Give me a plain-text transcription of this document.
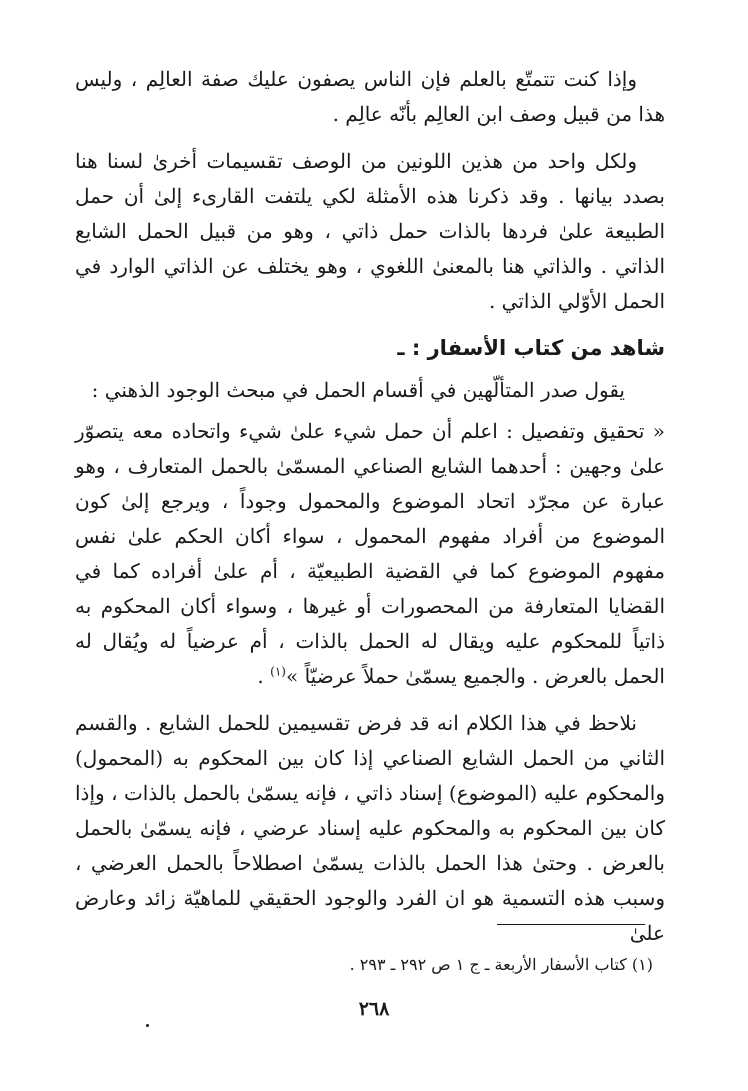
وإذا كنت تتمتّع بالعلم فإن الناس يصفون عليك صفة العالِم ، وليس هذا من قبيل وصف ابن العالِم بأنّه عالِم .

ولكل واحد من هذين اللونين من الوصف تقسيمات أخرىٰ لسنا هنا بصدد بيانها . وقد ذكرنا هذه الأمثلة لكي يلتفت القارىء إلىٰ أن حمل الطبيعة علىٰ فردها بالذات حمل ذاتي ، وهو من قبيل الحمل الشايع الذاتي . والذاتي هنا بالمعنىٰ اللغوي ، وهو يختلف عن الذاتي الوارد في الحمل الأوّلي الذاتي .

شاهد من كتاب الأسفار : ـ

يقول صدر المتألّهين في أقسام الحمل في مبحث الوجود الذهني :

« تحقيق وتفصيل : اعلم أن حمل شيء علىٰ شيء واتحاده معه يتصوّر علىٰ وجهين : أحدهما الشايع الصناعي المسمّىٰ بالحمل المتعارف ، وهو عبارة عن مجرّد اتحاد الموضوع والمحمول وجوداً ، ويرجع إلىٰ كون الموضوع من أفراد مفهوم المحمول ، سواء أكان الحكم علىٰ نفس مفهوم الموضوع كما في القضية الطبيعيّة ، أم علىٰ أفراده كما في القضايا المتعارفة من المحصورات أو غيرها ، وسواء أكان المحكوم به ذاتياً للمحكوم عليه ويقال له الحمل بالذات ، أم عرضياً له ويُقال له الحمل بالعرض . والجميع يسمّىٰ حملاً عرضيّاً »$^{(١)}$ .

نلاحظ في هذا الكلام انه قد فرض تقسيمين للحمل الشايع . والقسم الثاني من الحمل الشايع الصناعي إذا كان بين المحكوم به (المحمول) والمحكوم عليه (الموضوع) إسناد ذاتي ، فإنه يسمّىٰ بالحمل بالذات ، وإذا كان بين المحكوم به والمحكوم عليه إسناد عرضي ، فإنه يسمّىٰ بالحمل بالعرض . وحتىٰ هذا الحمل بالذات يسمّىٰ اصطلاحاً بالحمل العرضي ، وسبب هذه التسمية هو ان الفرد والوجود الحقيقي للماهيّة زائد وعارض علىٰ

(١) كتاب الأسفار الأربعة ـ ج ١ ص ٢٩٢ ـ ٢٩٣ .
٢٦٨
